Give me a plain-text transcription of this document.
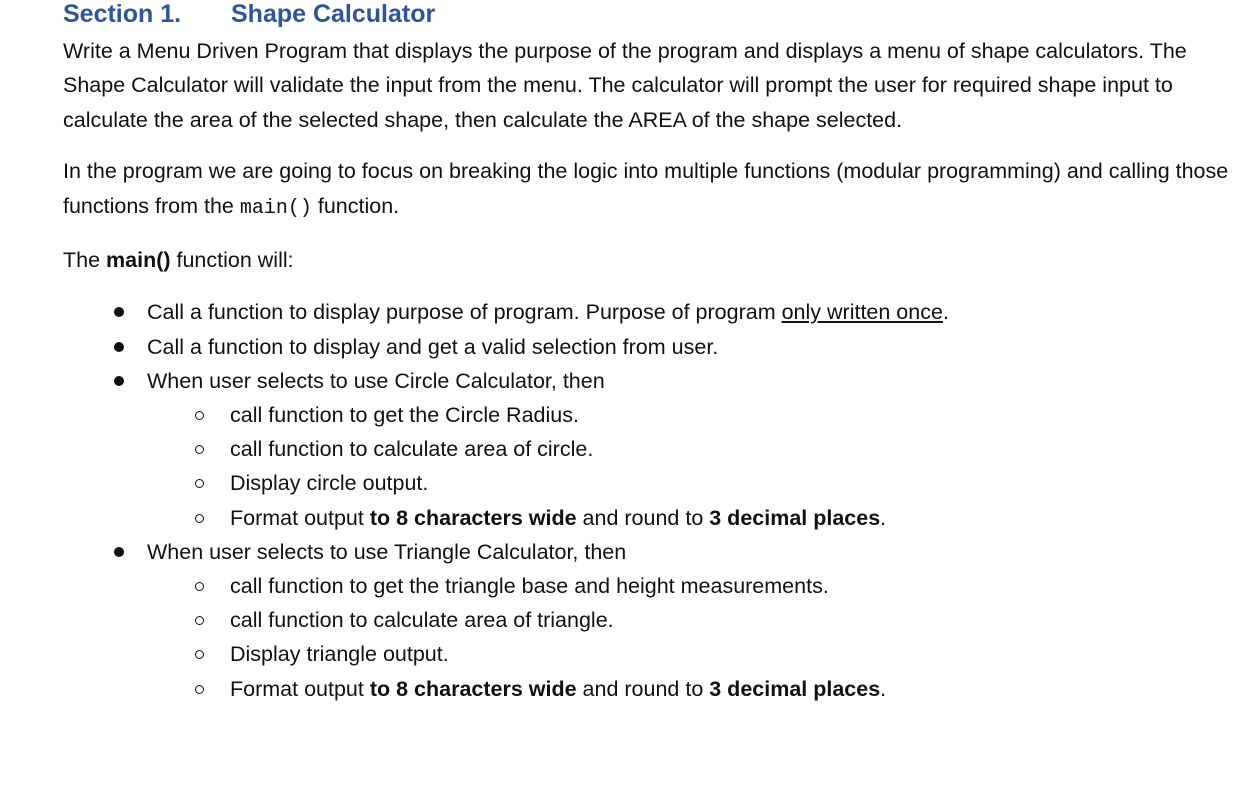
Section 1. Shape Calculator

Write a Menu Driven Program that displays the purpose of the program and displays a menu of shape calculators. The Shape Calculator will validate the input from the menu. The calculator will prompt the user for required shape input to calculate the area of the selected shape, then calculate the AREA of the shape selected.

In the program we are going to focus on breaking the logic into multiple functions (modular programming) and calling those functions from the main() function.

The main() function will:

Call a function to display purpose of program. Purpose of program only written once.
Call a function to display and get a valid selection from user.
When user selects to use Circle Calculator, then
call function to get the Circle Radius.
call function to calculate area of circle.
Display circle output.
Format output to 8 characters wide and round to 3 decimal places.
When user selects to use Triangle Calculator, then
call function to get the triangle base and height measurements.
call function to calculate area of triangle.
Display triangle output.
Format output to 8 characters wide and round to 3 decimal places.
